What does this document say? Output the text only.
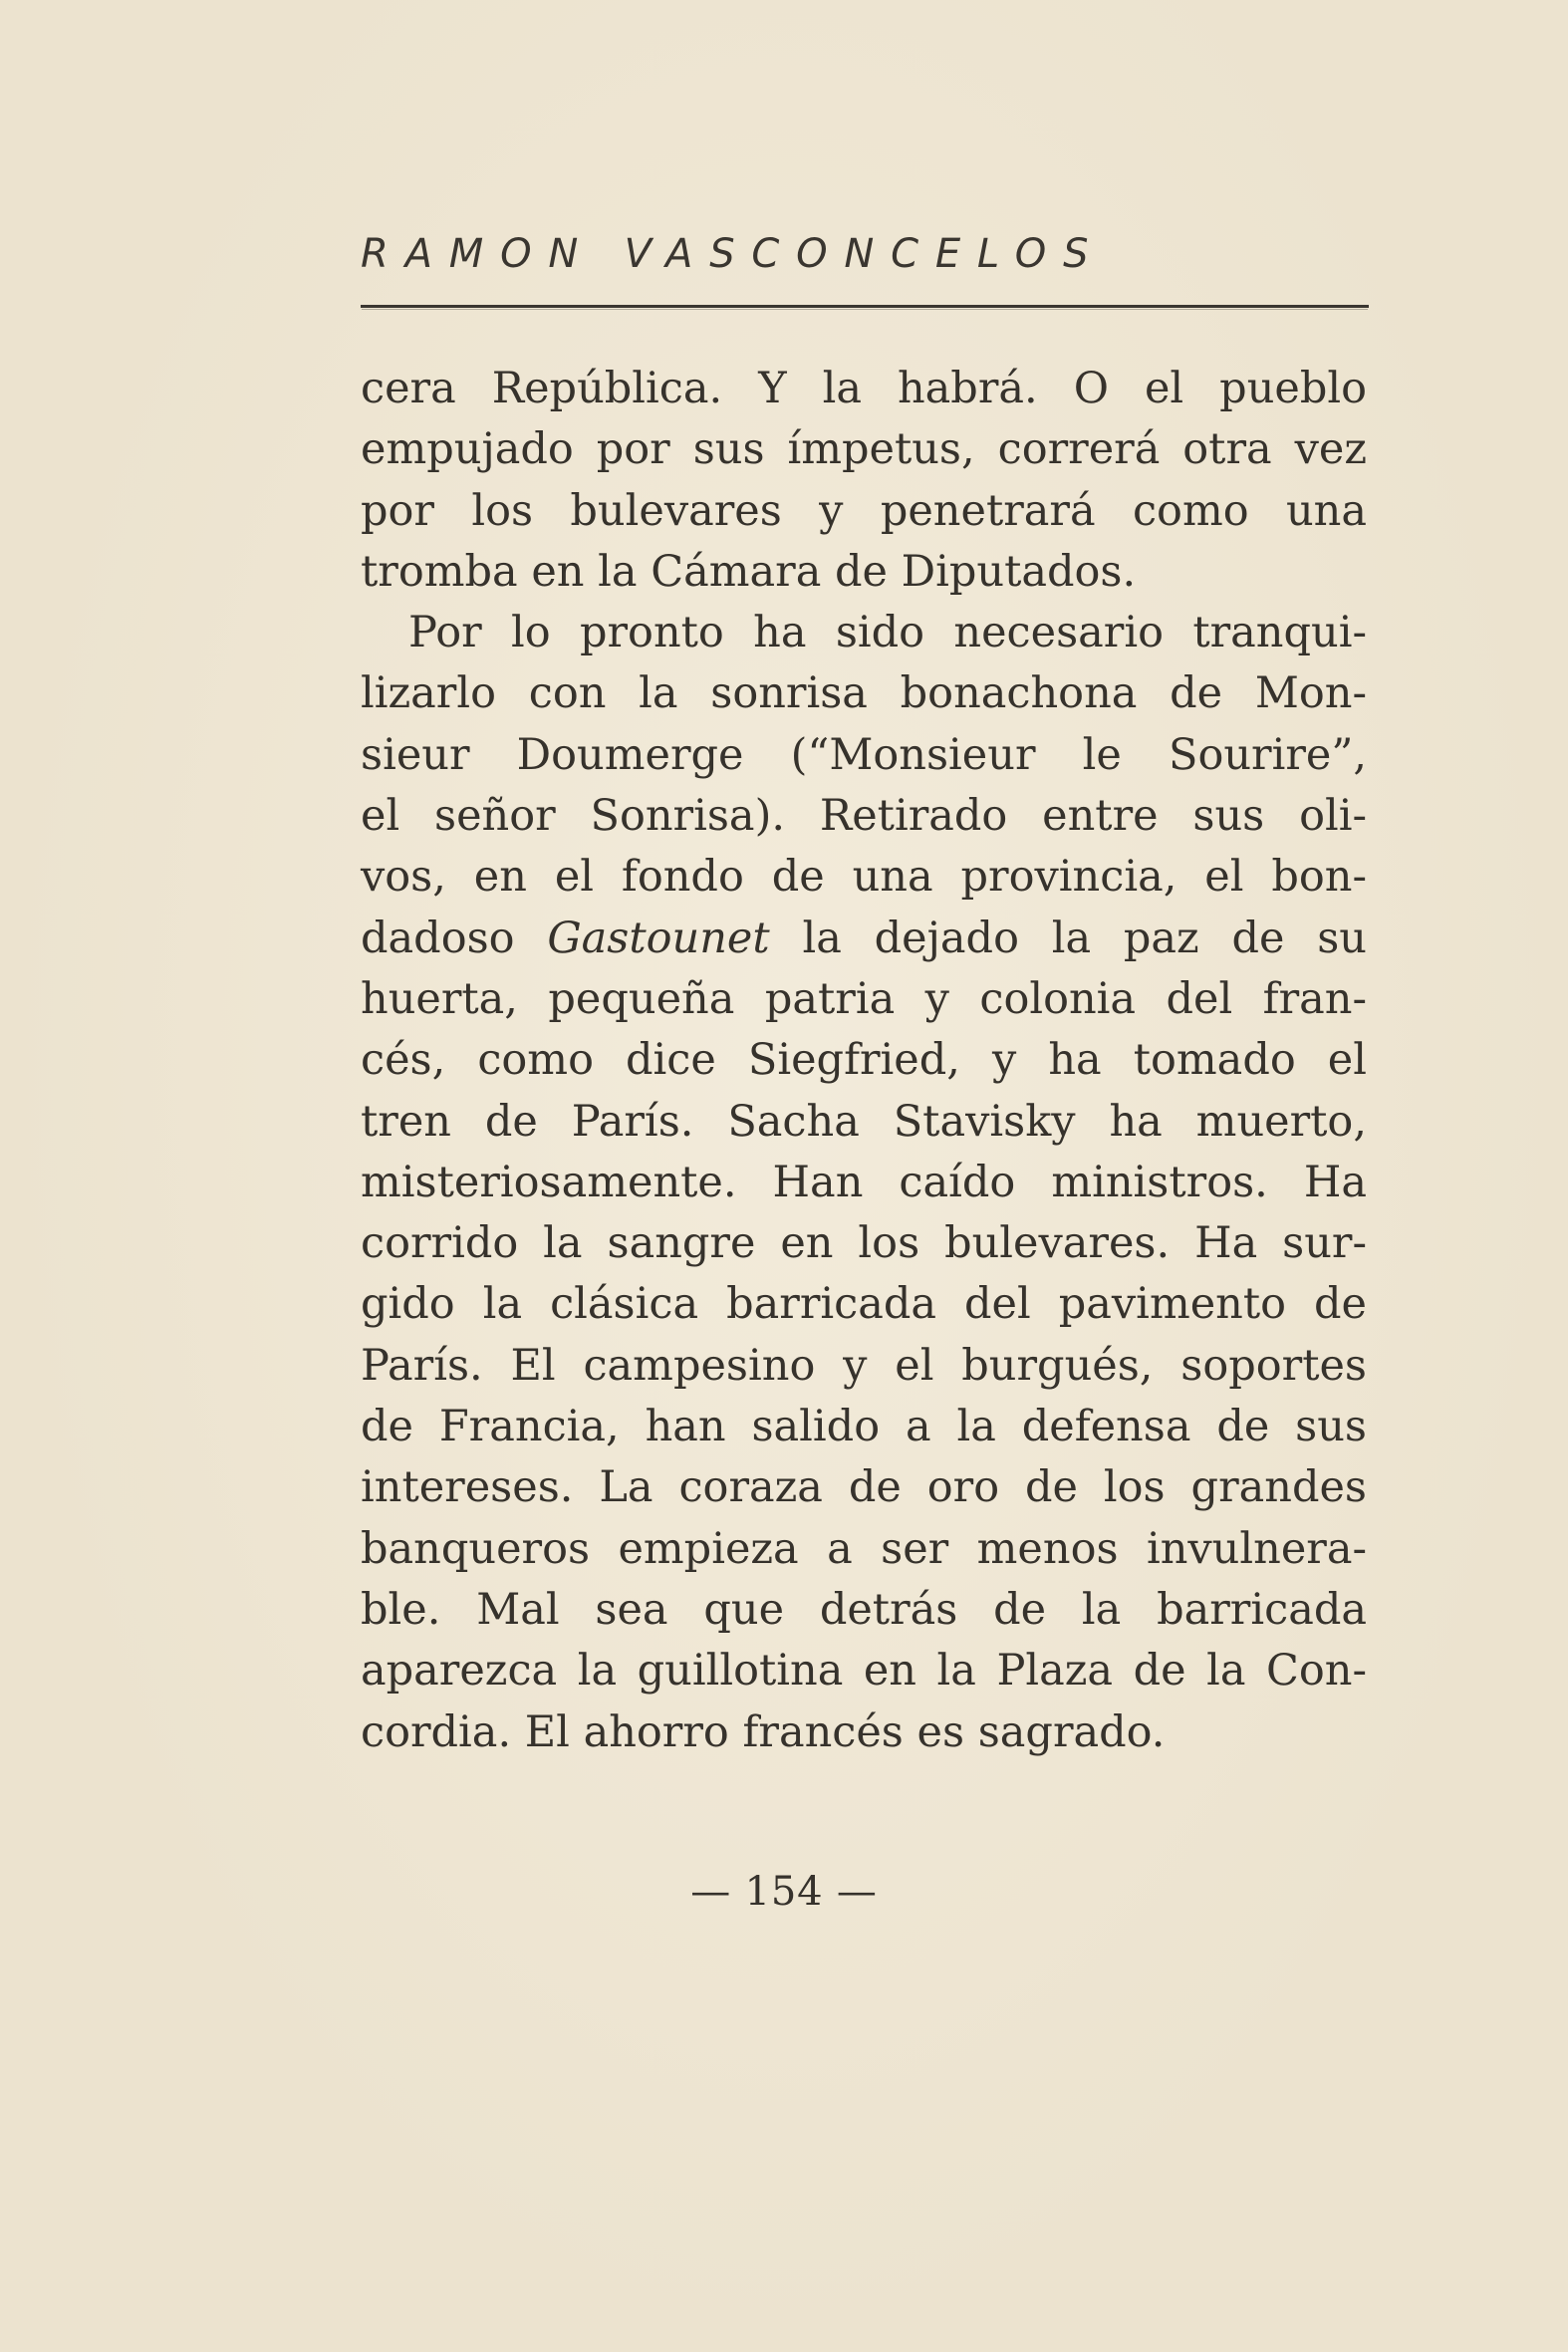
RAMON VASCONCELOS
cera República. Y la habrá. O el pueblo
empujado por sus ímpetus, correrá otra vez
por los bulevares y penetrará como una
tromba en la Cámara de Diputados.
Por lo pronto ha sido necesario tranqui-
lizarlo con la sonrisa bonachona de Mon-
sieur Doumerge (“Monsieur le Sourire”,
el señor Sonrisa). Retirado entre sus oli-
vos, en el fondo de una provincia, el bon-
dadoso Gastounet la dejado la paz de su
huerta, pequeña patria y colonia del fran-
cés, como dice Siegfried, y ha tomado el
tren de París. Sacha Stavisky ha muerto,
misteriosamente. Han caído ministros. Ha
corrido la sangre en los bulevares. Ha sur-
gido la clásica barricada del pavimento de
París. El campesino y el burgués, soportes
de Francia, han salido a la defensa de sus
intereses. La coraza de oro de los grandes
banqueros empieza a ser menos invulnera-
ble. Mal sea que detrás de la barricada
aparezca la guillotina en la Plaza de la Con-
cordia. El ahorro francés es sagrado.
— 154 —
